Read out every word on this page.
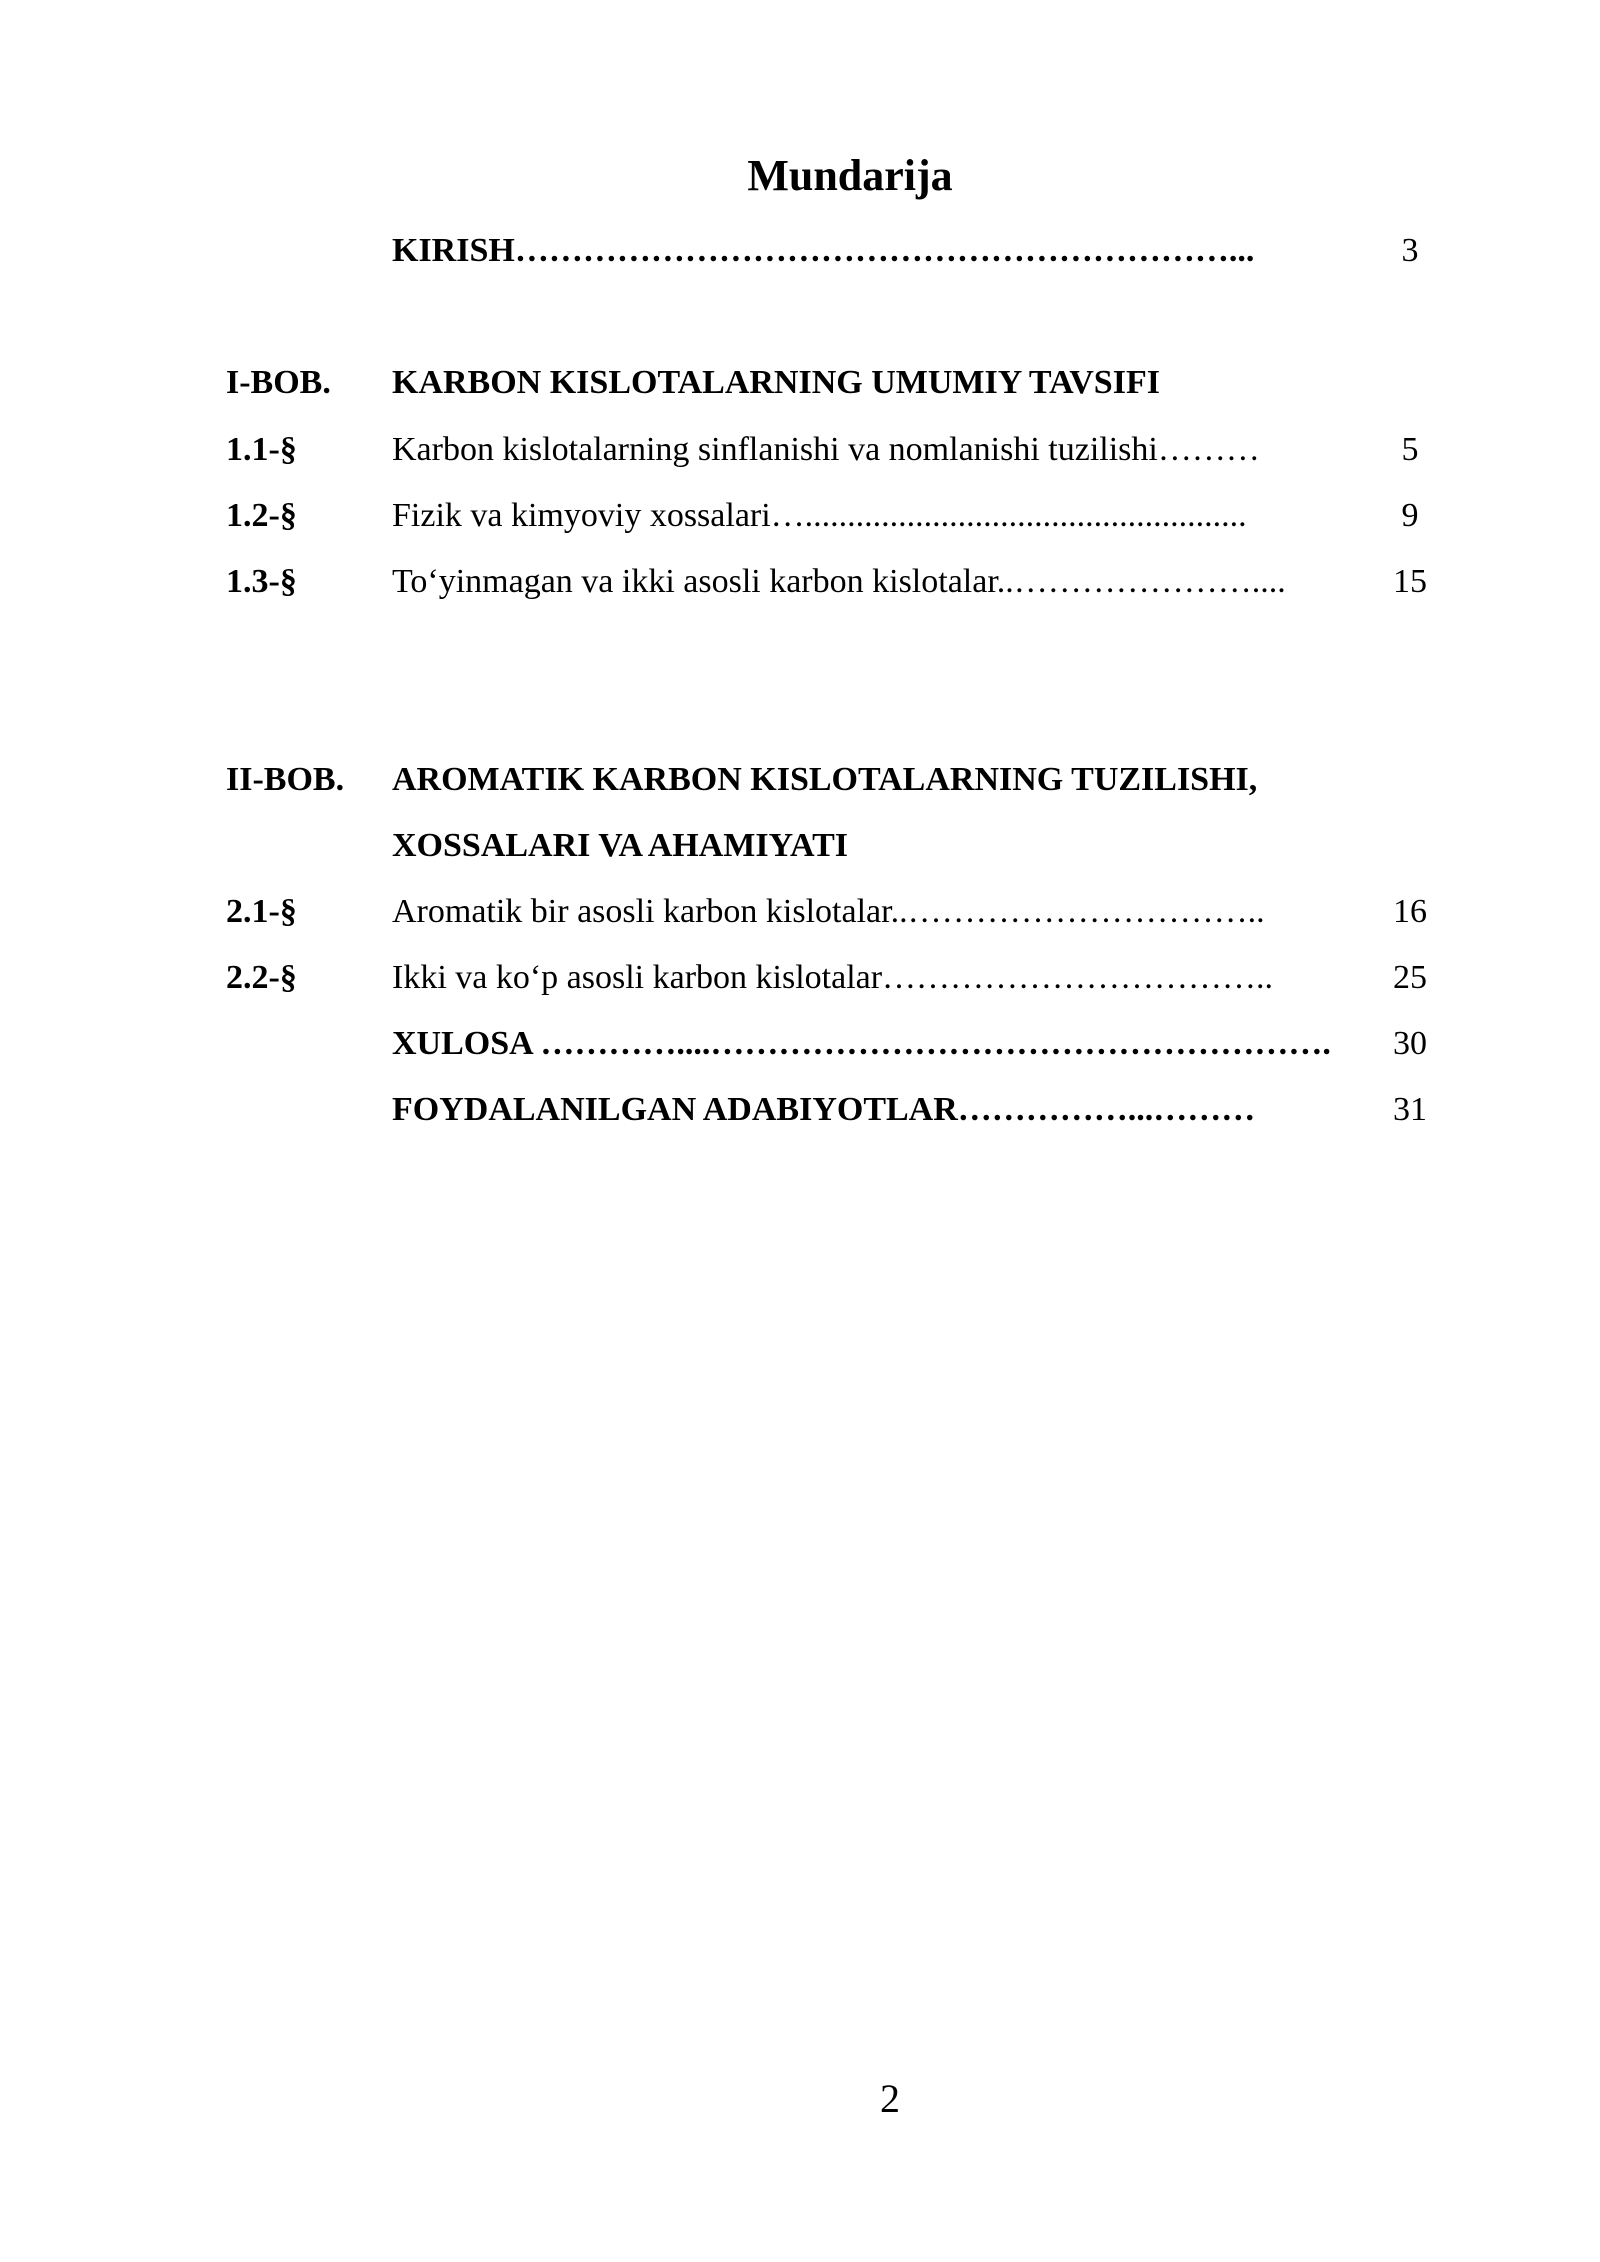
Mundarija
KIRISH………………………………………………………...	3
I-BOB. KARBON KISLOTALARNING UMUMIY TAVSIFI
1.1-§	Karbon kislotalarning sinflanishi va nomlanishi tuzilishi………	5
1.2-§	Fizik va kimyoviy xossalari…....................................................	9
1.3-§	To‘yinmagan va ikki asosli karbon kislotalar..…………………....	15
II-BOB. AROMATIK KARBON KISLOTALARNING TUZILISHI,
XOSSALARI VA AHAMIYATI
2.1-§	Aromatik bir asosli karbon kislotalar..…………………………..	16
2.2-§	Ikki va ko‘p asosli karbon kislotalar……………………………..	25
XULOSA …………....……………………………………………….	30
FOYDALANILGAN ADABIYOTLAR……………...………	31
2
